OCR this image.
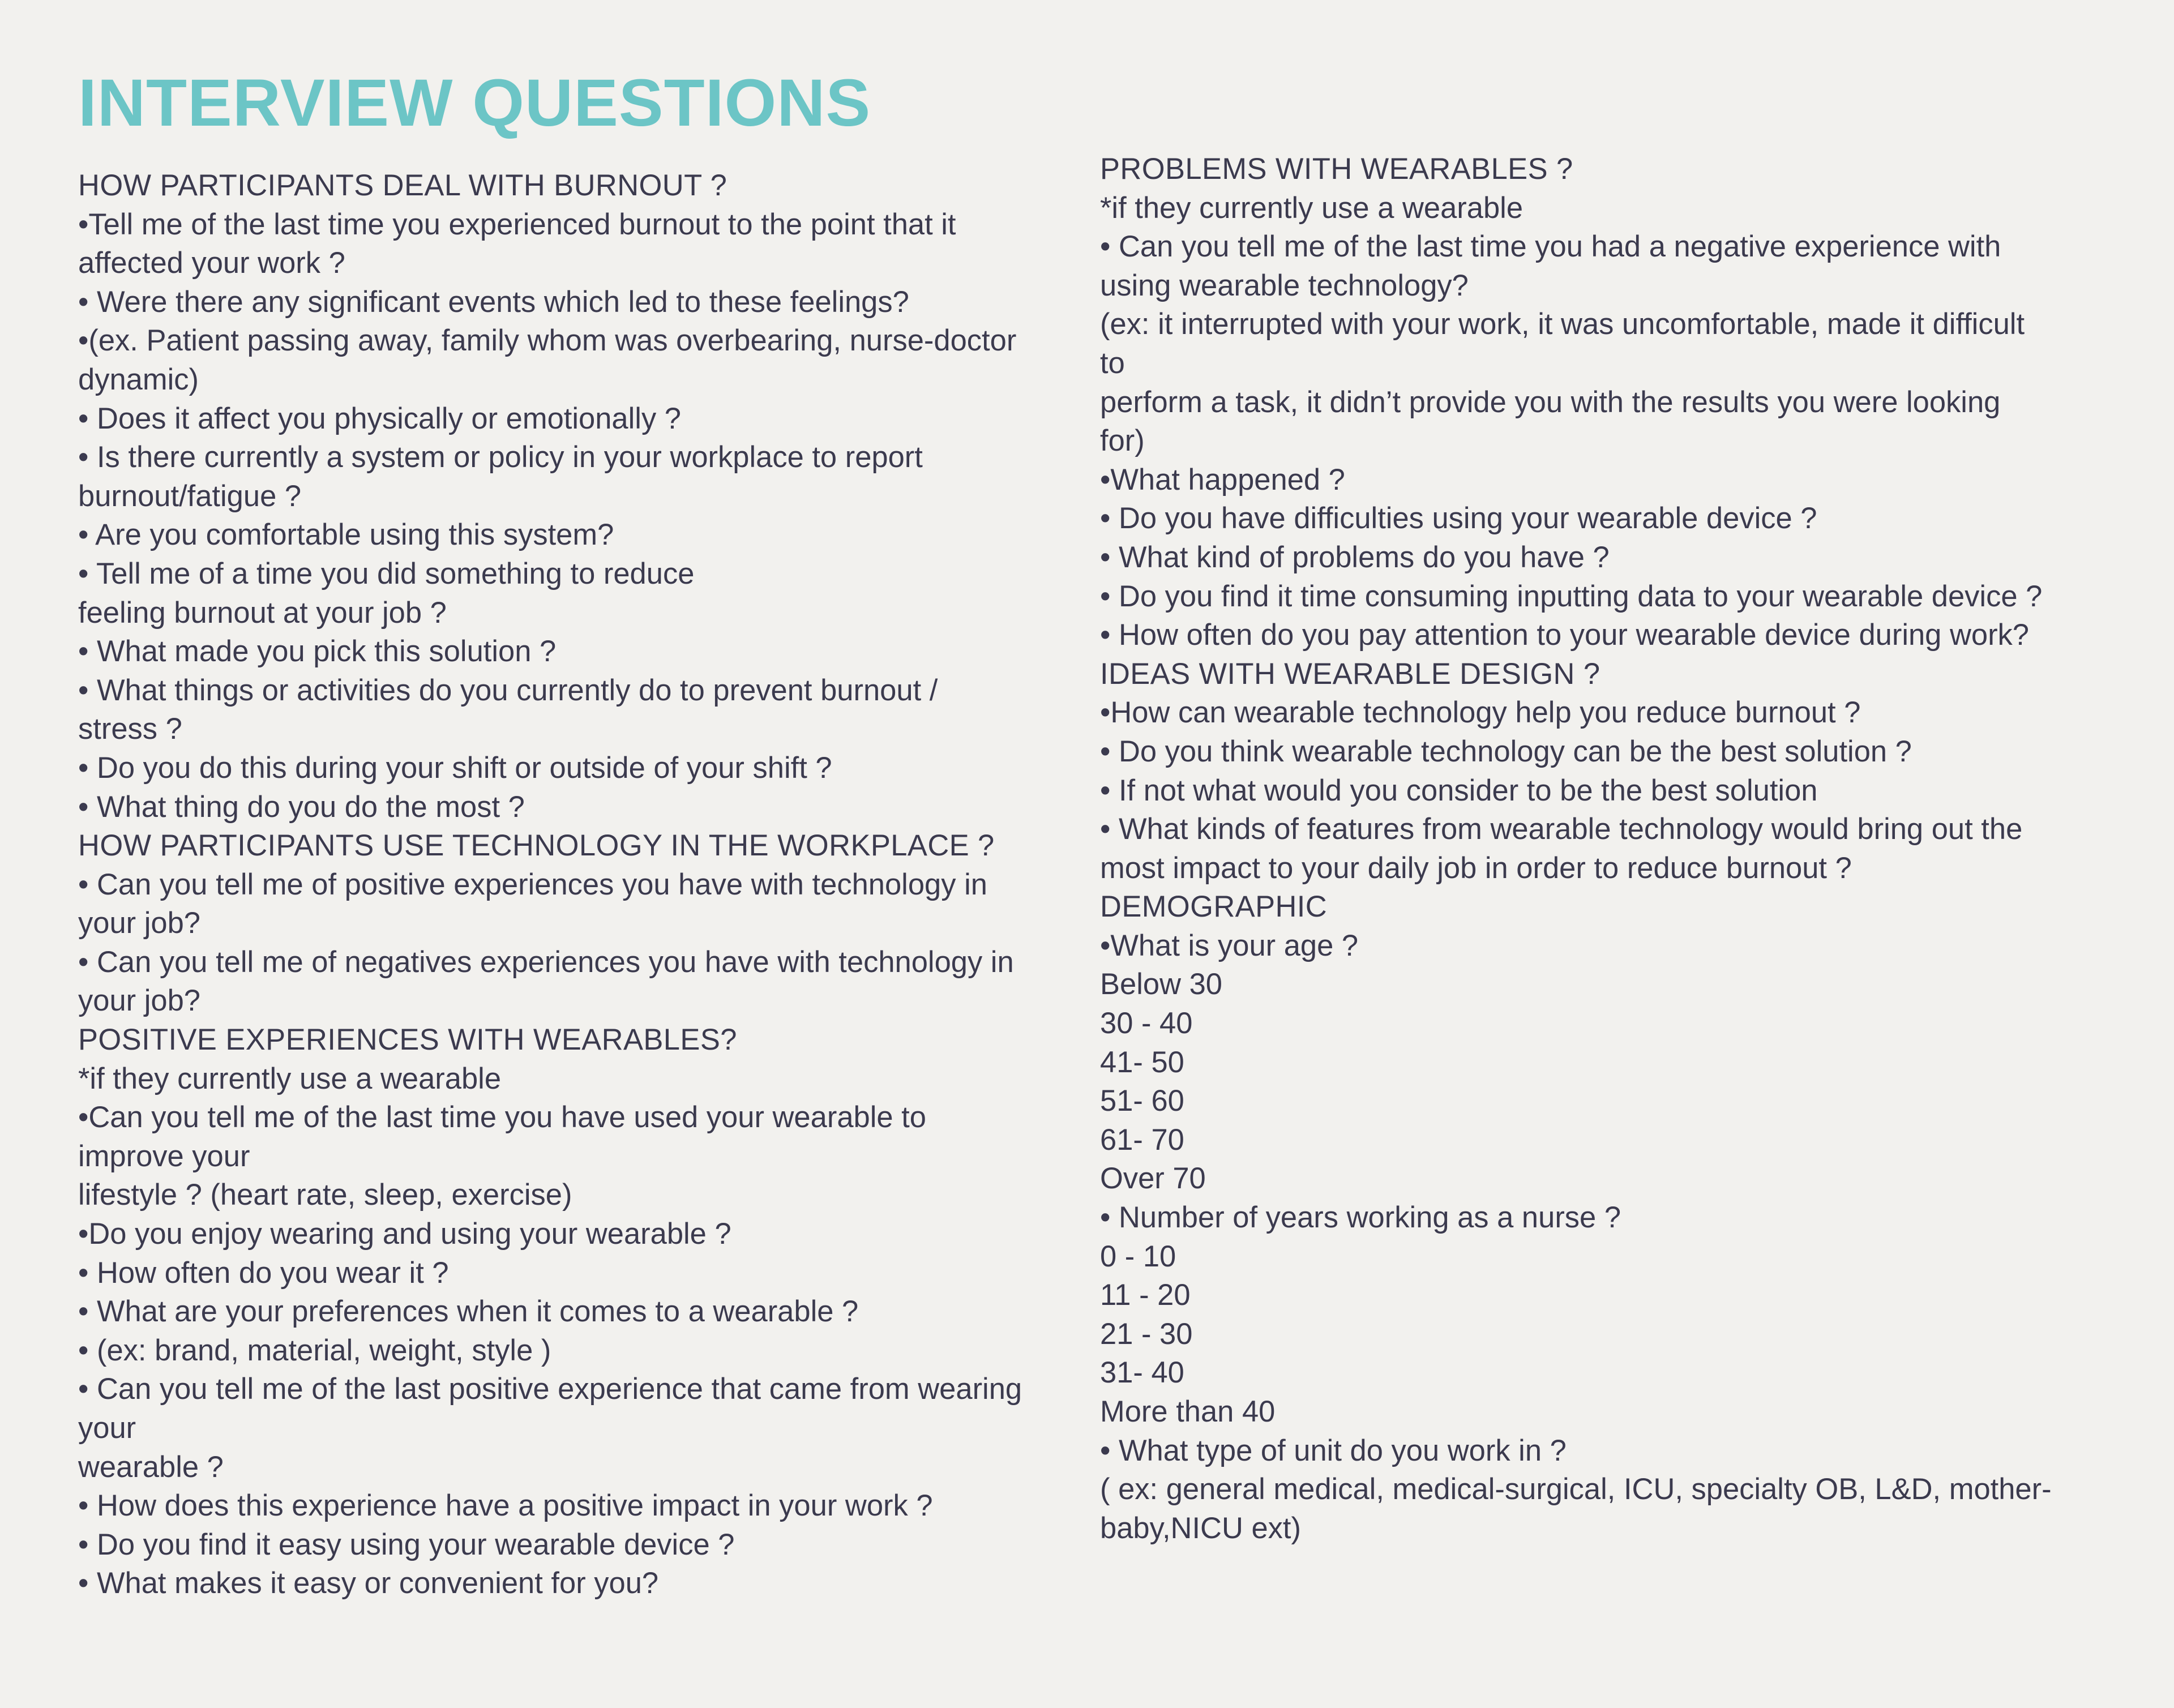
INTERVIEW QUESTIONS
HOW PARTICIPANTS DEAL WITH BURNOUT ?
•Tell me of the last time you experienced burnout to the point that it
affected your work ?
• Were there any significant events which led to these feelings?
•(ex. Patient passing away, family whom was overbearing, nurse-doctor
dynamic)
• Does it affect you physically or emotionally ?
• Is there currently a system or policy in your workplace to report
burnout/fatigue ?
• Are you comfortable using this system?
• Tell me of a time you did something to reduce
feeling burnout at your job ?
• What made you pick this solution ?
• What things or activities do you currently do to prevent burnout /
stress ?
• Do you do this during your shift or outside of your shift ?
• What thing do you do the most ?
HOW PARTICIPANTS USE TECHNOLOGY IN THE WORKPLACE ?
• Can you tell me of positive experiences you have with technology in
your job?
• Can you tell me of negatives experiences you have with technology in
your job?
POSITIVE EXPERIENCES WITH WEARABLES?
*if they currently use a wearable
•Can you tell me of the last time you have used your wearable to
improve your
lifestyle ? (heart rate, sleep, exercise)
•Do you enjoy wearing and using your wearable ?
• How often do you wear it ?
• What are your preferences when it comes to a wearable ?
• (ex: brand, material, weight, style )
• Can you tell me of the last positive experience that came from wearing
your
wearable ?
• How does this experience have a positive impact in your work ?
• Do you find it easy using your wearable device ?
• What makes it easy or convenient for you?
PROBLEMS WITH WEARABLES ?
*if they currently use a wearable
• Can you tell me of the last time you had a negative experience with
using wearable technology?
(ex: it interrupted with your work, it was uncomfortable, made it difficult
to
perform a task, it didn’t provide you with the results you were looking
for)
•What happened ?
• Do you have difficulties using your wearable device ?
• What kind of problems do you have ?
• Do you find it time consuming inputting data to your wearable device ?
• How often do you pay attention to your wearable device during work?
IDEAS WITH WEARABLE DESIGN ?
•How can wearable technology help you reduce burnout ?
• Do you think wearable technology can be the best solution ?
• If not what would you consider to be the best solution
• What kinds of features from wearable technology would bring out the
most impact to your daily job in order to reduce burnout ?
DEMOGRAPHIC
•What is your age ?
Below 30
30 - 40
41- 50
51- 60
61- 70
Over 70
• Number of years working as a nurse ?
0 - 10
11 - 20
21 - 30
31- 40
More than 40
• What type of unit do you work in ?
( ex: general medical, medical-surgical, ICU, specialty OB, L&D, mother-
baby,NICU ext)
